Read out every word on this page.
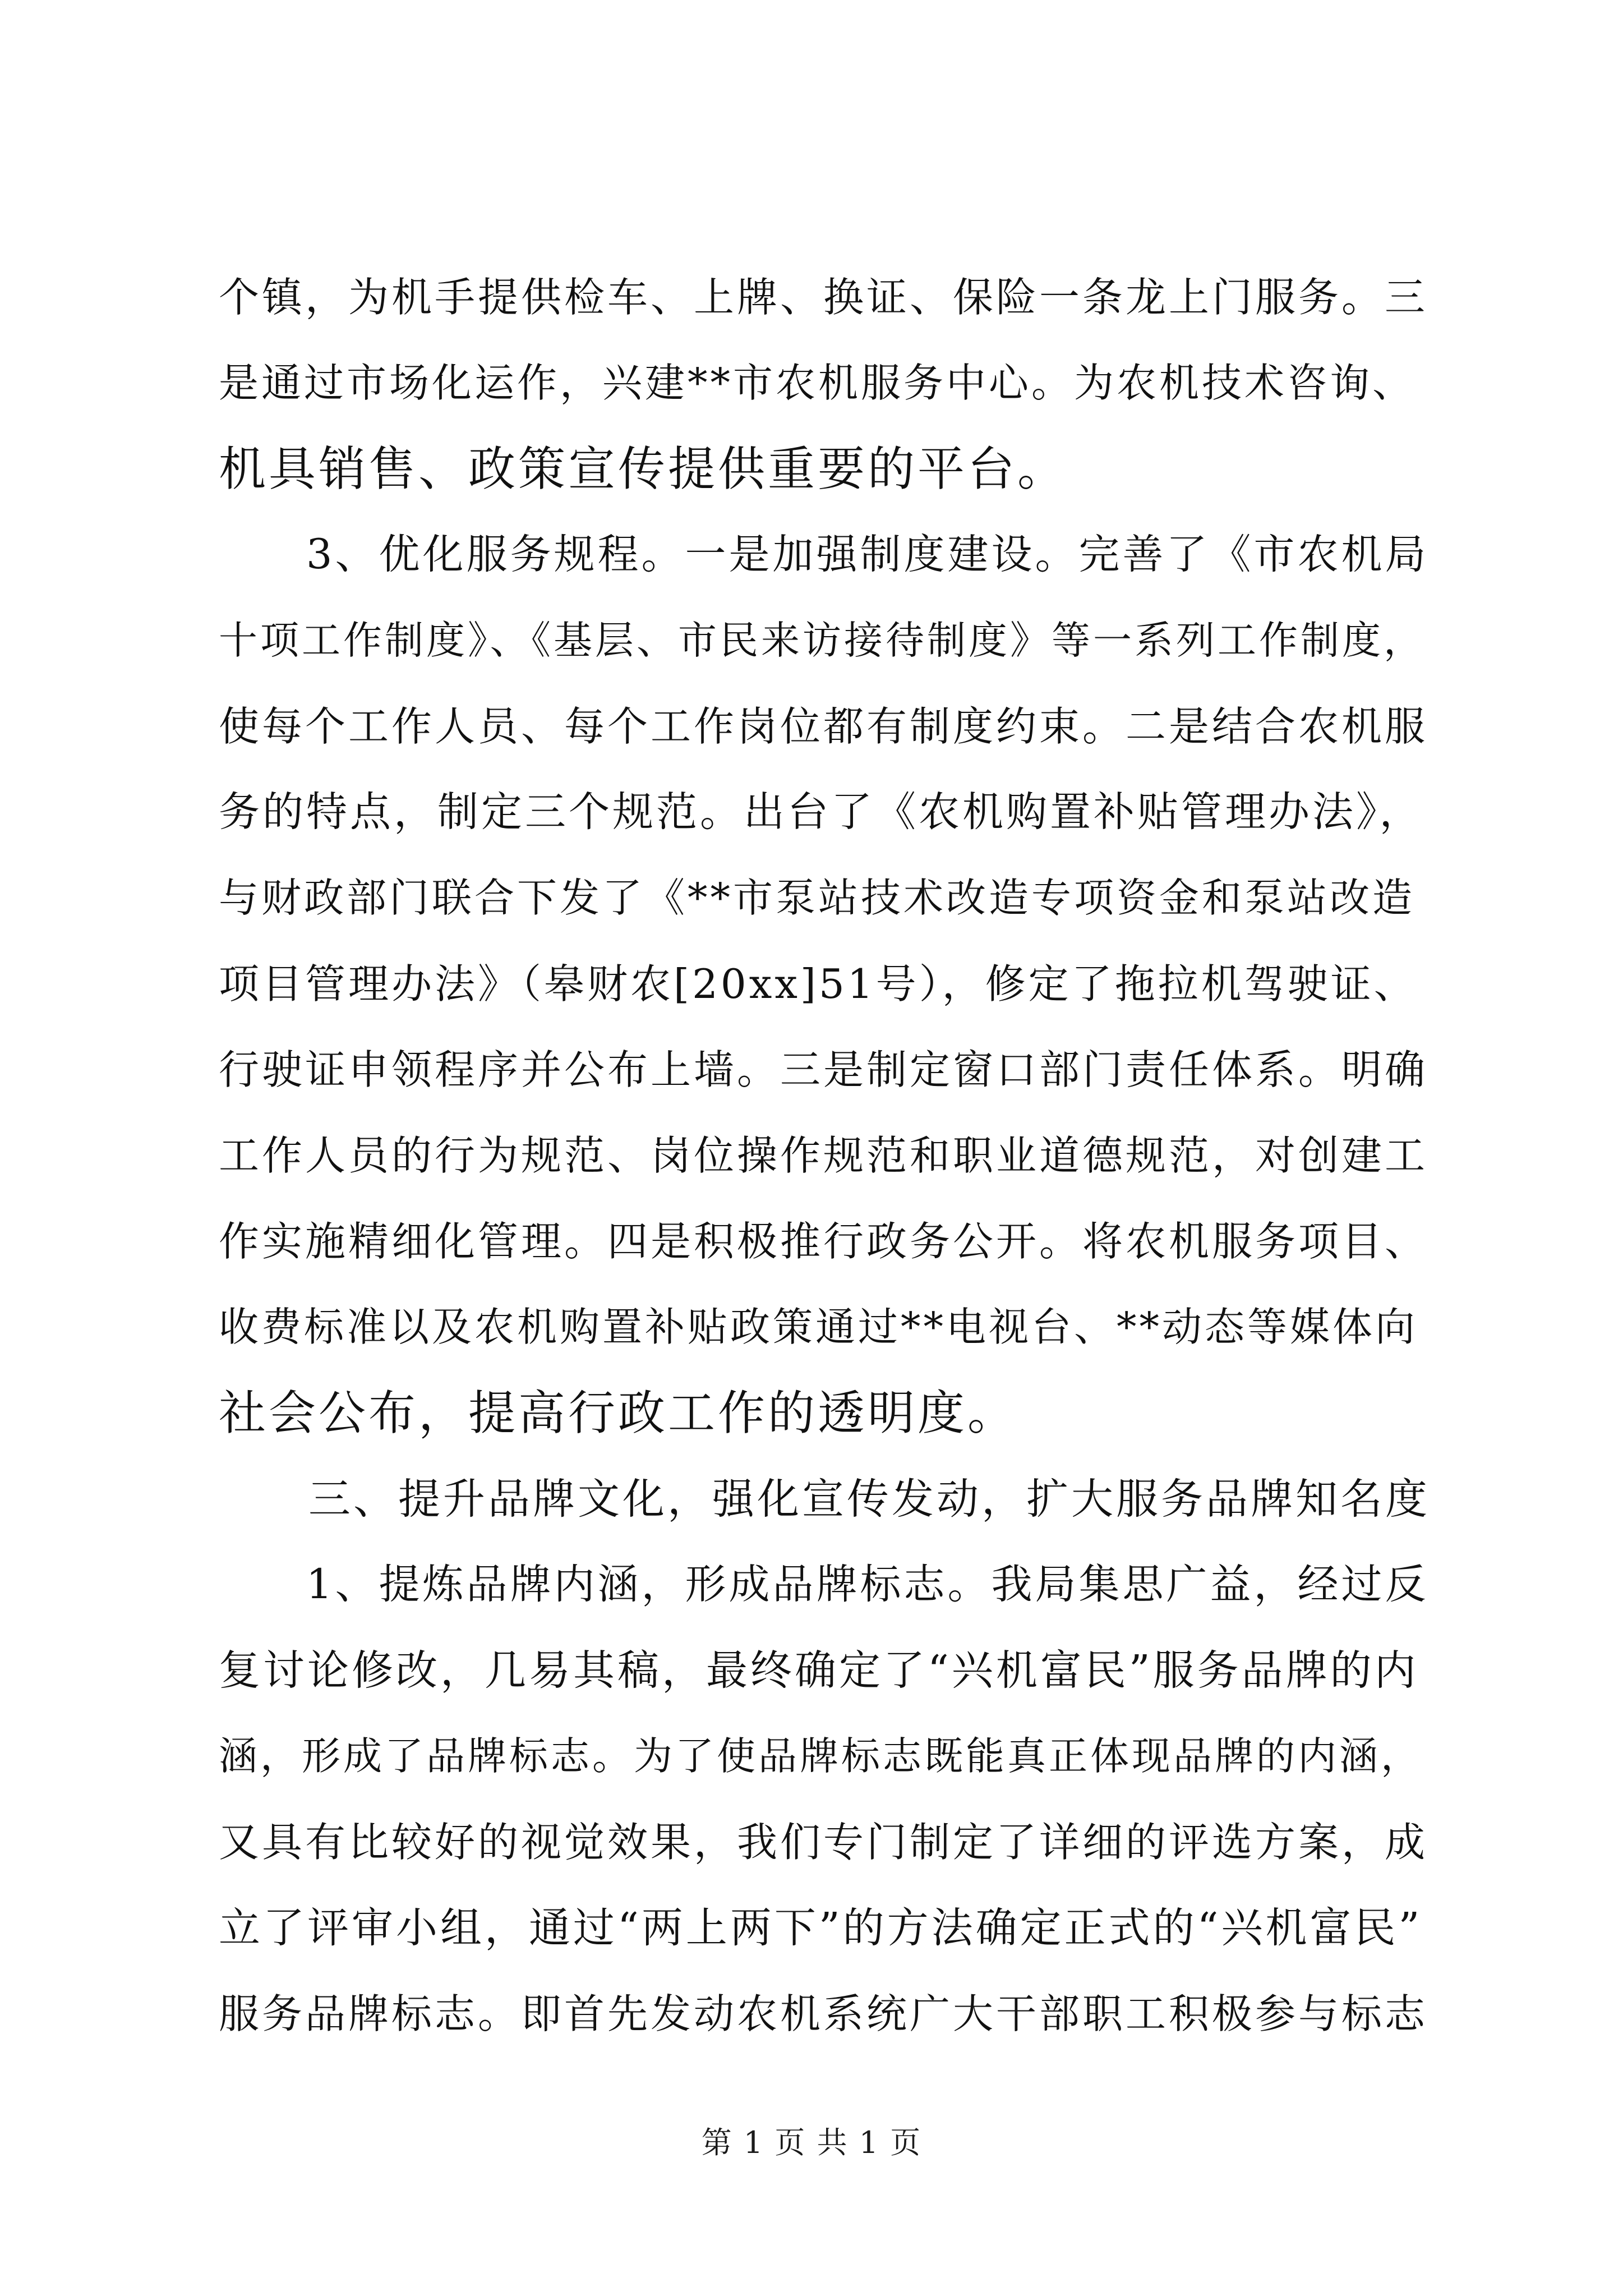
个镇，为机手提供检车、上牌、换证、保险一条龙上门服务。三
是通过市场化运作，兴建**市农机服务中心。为农机技术咨询、
机具销售、政策宣传提供重要的平台。
　　3、优化服务规程。一是加强制度建设。完善了《市农机局
十项工作制度》、《基层、市民来访接待制度》等一系列工作制度，
使每个工作人员、每个工作岗位都有制度约束。二是结合农机服
务的特点，制定三个规范。出台了《农机购置补贴管理办法》，
与财政部门联合下发了《**市泵站技术改造专项资金和泵站改造
项目管理办法》（皋财农[20xx]51号），修定了拖拉机驾驶证、
行驶证申领程序并公布上墙。三是制定窗口部门责任体系。明确
工作人员的行为规范、岗位操作规范和职业道德规范，对创建工
作实施精细化管理。四是积极推行政务公开。将农机服务项目、
收费标准以及农机购置补贴政策通过**电视台、**动态等媒体向
社会公布，提高行政工作的透明度。
　　三、提升品牌文化，强化宣传发动，扩大服务品牌知名度
　　1、提炼品牌内涵，形成品牌标志。我局集思广益，经过反
复讨论修改，几易其稿，最终确定了“兴机富民”服务品牌的内
涵，形成了品牌标志。为了使品牌标志既能真正体现品牌的内涵，
又具有比较好的视觉效果，我们专门制定了详细的评选方案，成
立了评审小组，通过“两上两下”的方法确定正式的“兴机富民”
服务品牌标志。即首先发动农机系统广大干部职工积极参与标志
第 1 页 共 1 页
